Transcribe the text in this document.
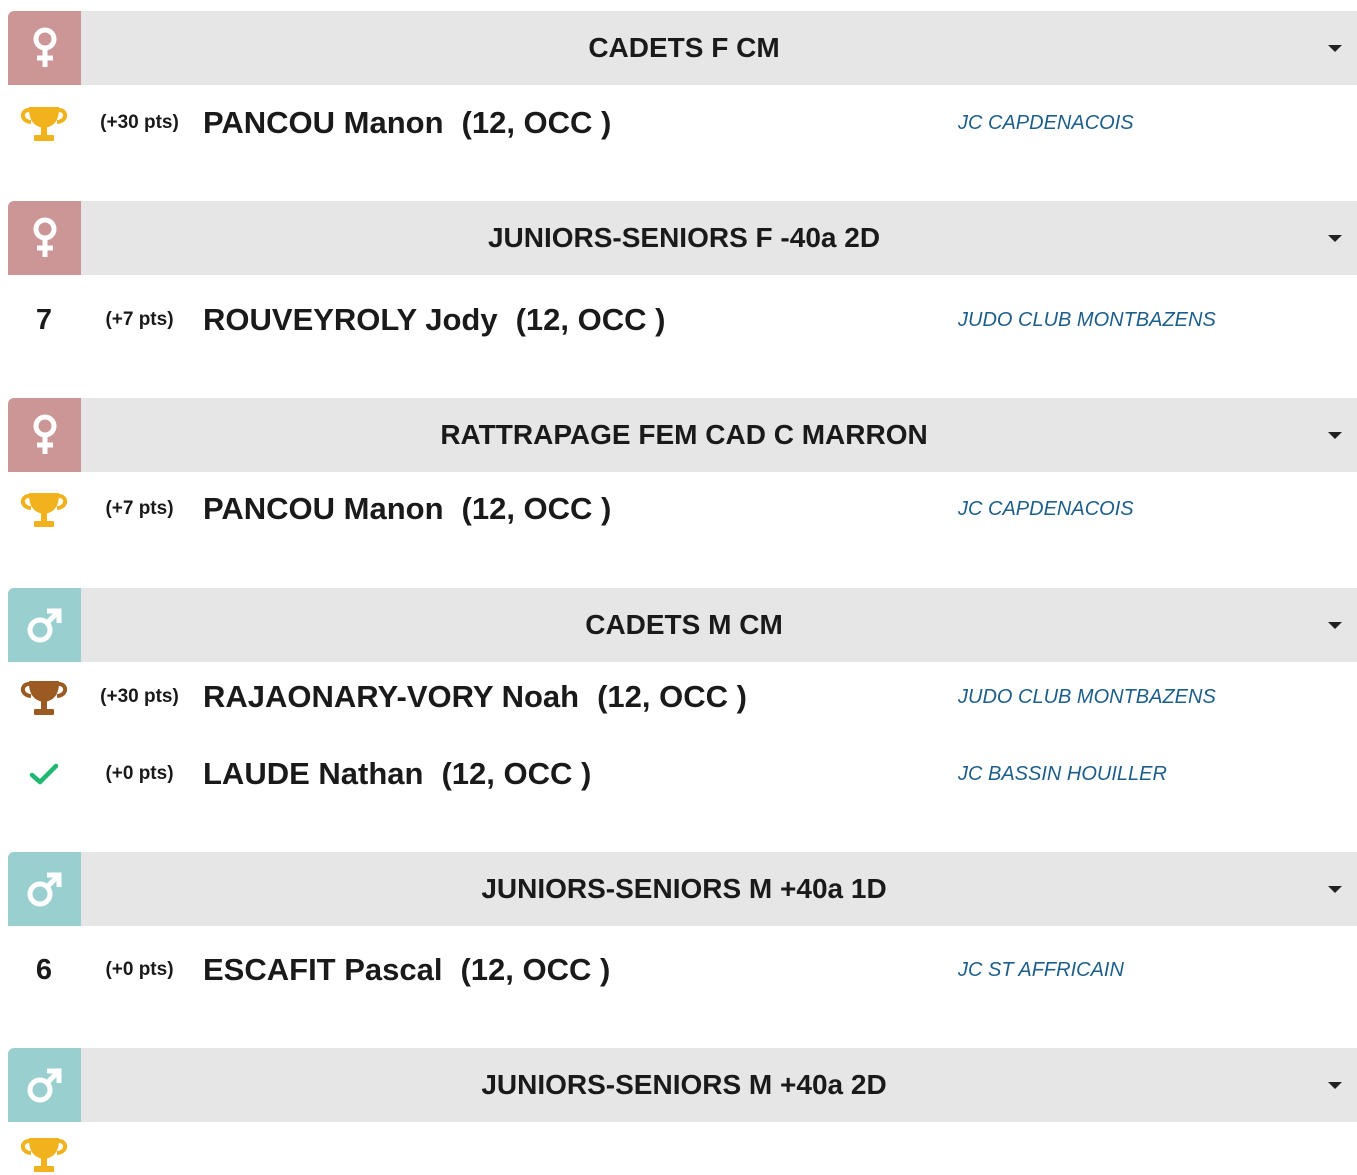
CADETS F CM
(+30 pts) PANCOU Manon (12, OCC )	JC CAPDENACOIS
JUNIORS-SENIORS F -40a 2D
7	(+7 pts) ROUVEYROLY Jody (12, OCC )	JUDO CLUB MONTBAZENS
RATTRAPAGE FEM CAD C MARRON
(+7 pts) PANCOU Manon (12, OCC )	JC CAPDENACOIS
CADETS M CM
(+30 pts) RAJAONARY-VORY Noah (12, OCC )	JUDO CLUB MONTBAZENS
(+0 pts) LAUDE Nathan (12, OCC )	JC BASSIN HOUILLER
JUNIORS-SENIORS M +40a 1D
6	(+0 pts) ESCAFIT Pascal (12, OCC )	JC ST AFFRICAIN
JUNIORS-SENIORS M +40a 2D
